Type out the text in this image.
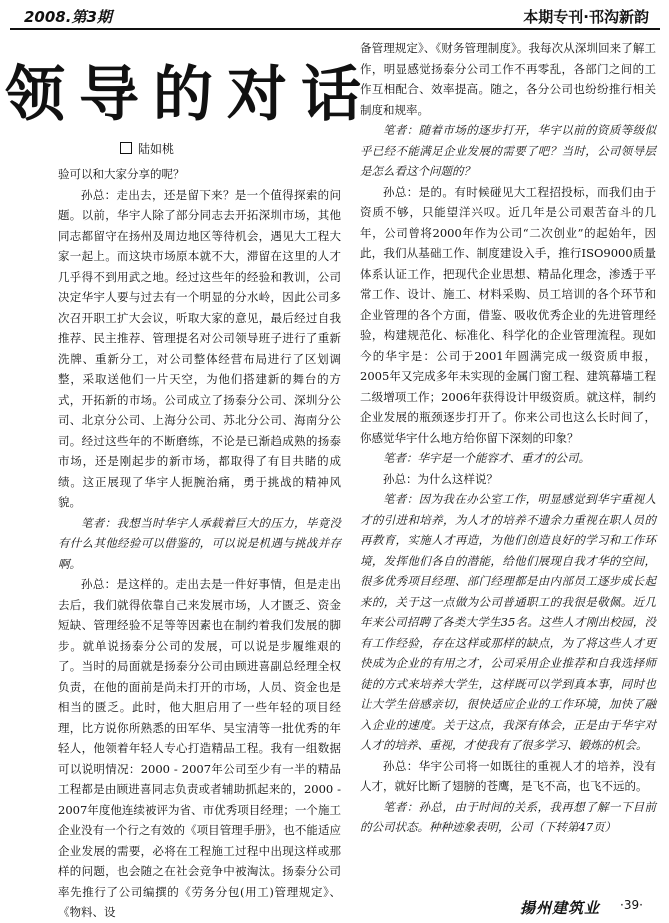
2008.第3期	本期专刊·邗沟新韵
领导的对话
陆如桃

验可以和大家分享的呢？

孙总：走出去，还是留下来？是一个值得探索的问题。以前，华宇人除了部分同志去开拓深圳市场，其他同志都留守在扬州及周边地区等待机会，遇见大工程大家一起上。而这块市场原本就不大，滞留在这里的人才几乎得不到用武之地。经过这些年的经验和教训，公司决定华宇人要与过去有一个明显的分水岭，因此公司多次召开职工扩大会议，听取大家的意见，最后经过自我推荐、民主推荐、管理提名对公司领导班子进行了重新洗牌、重新分工，对公司整体经营布局进行了区划调整，采取送他们一片天空，为他们搭建新的舞台的方式，开拓新的市场。公司成立了扬泰分公司、深圳分公司、北京分公司、上海分公司、苏北分公司、海南分公司。经过这些年的不断磨练，不论是已渐趋成熟的扬泰市场，还是刚起步的新市场，都取得了有目共睹的成绩。这正展现了华宇人扼腕治痛，勇于挑战的精神风貌。

笔者：我想当时华宇人承载着巨大的压力，毕竟没有什么其他经验可以借鉴的，可以说是机遇与挑战并存啊。

孙总：是这样的。走出去是一件好事情，但是走出去后，我们就得依靠自己来发展市场，人才匮乏、资金短缺、管理经验不足等等因素也在制约着我们发展的脚步。就单说扬泰分公司的发展，可以说是步履维艰的了。当时的局面就是扬泰分公司由顾进喜副总经理全权负责，在他的面前是尚未打开的市场，人员、资金也是相当的匮乏。此时，他大胆启用了一些年轻的项目经理，比方说你所熟悉的田军华、吴宝清等一批优秀的年轻人，他领着年轻人专心打造精品工程。我有一组数据可以说明情况：2000 - 2007年公司至少有一半的精品工程都是由顾进喜同志负责或者辅助抓起来的，2000 - 2007年度他连续被评为省、市优秀项目经理；一个施工企业没有一个行之有效的《项目管理手册》，也不能适应企业发展的需要，必将在工程施工过程中出现这样或那样的问题，也会随之在社会竞争中被淘汰。扬泰分公司率先推行了公司编撰的《劳务分包(用工)管理规定》、《物料、设

备管理规定》、《财务管理制度》。我每次从深圳回来了解工作，明显感觉扬泰分公司工作不再零乱，各部门之间的工作互相配合、效率提高。随之，各分公司也纷纷推行相关制度和规率。

笔者：随着市场的逐步打开，华宇以前的资质等级似乎已经不能满足企业发展的需要了吧？当时，公司领导层是怎么看这个问题的？

孙总：是的。有时候碰见大工程招投标，而我们由于资质不够，只能望洋兴叹。近几年是公司艰苦奋斗的几年，公司曾将2000年作为公司“二次创业”的起始年，因此，我们从基础工作、制度建设入手，推行ISO9000质量体系认证工作，把现代企业思想、精品化理念，渗透于平常工作、设计、施工、材料采购、员工培训的各个环节和企业管理的各个方面，借鉴、吸收优秀企业的先进管理经验，构建规范化、标准化、科学化的企业管理流程。现如今的华宇是：公司于2001年圆满完成一级资质申报，2005年又完成多年未实现的金属门窗工程、建筑幕墙工程二级增项工作；2006年获得设计甲级资质。就这样，制约企业发展的瓶颈逐步打开了。你来公司也这么长时间了，你感觉华宇什么地方给你留下深刻的印象？

笔者：华宇是一个能容才、重才的公司。

孙总：为什么这样说？

笔者：因为我在办公室工作，明显感觉到华宇重视人才的引进和培养，为人才的培养不遗余力重视在职人员的再教育，实施人才再造，为他们创造良好的学习和工作环境，发挥他们各自的潜能，给他们展现自我才华的空间，很多优秀项目经理、部门经理都是由内部员工逐步成长起来的，关于这一点做为公司普通职工的我很是敬佩。近几年来公司招聘了各类大学生35名。这些人才刚出校园，没有工作经验，存在这样或那样的缺点，为了将这些人才更快成为企业的有用之才，公司采用企业推荐和自我选择师徒的方式来培养大学生，这样既可以学到真本事，同时也让大学生倍感亲切，很快适应企业的工作环境，加快了融入企业的速度。关于这点，我深有体会，正是由于华宇对人才的培养、重视，才使我有了很多学习、锻炼的机会。

孙总：华宇公司将一如既往的重视人才的培养，没有人才，就好比断了翅膀的苍鹰，是飞不高，也飞不远的。

笔者：孙总，由于时间的关系，我再想了解一下目前的公司状态。种种迹象表明，公司（下转第47页）

揚州建筑业 ·39·
